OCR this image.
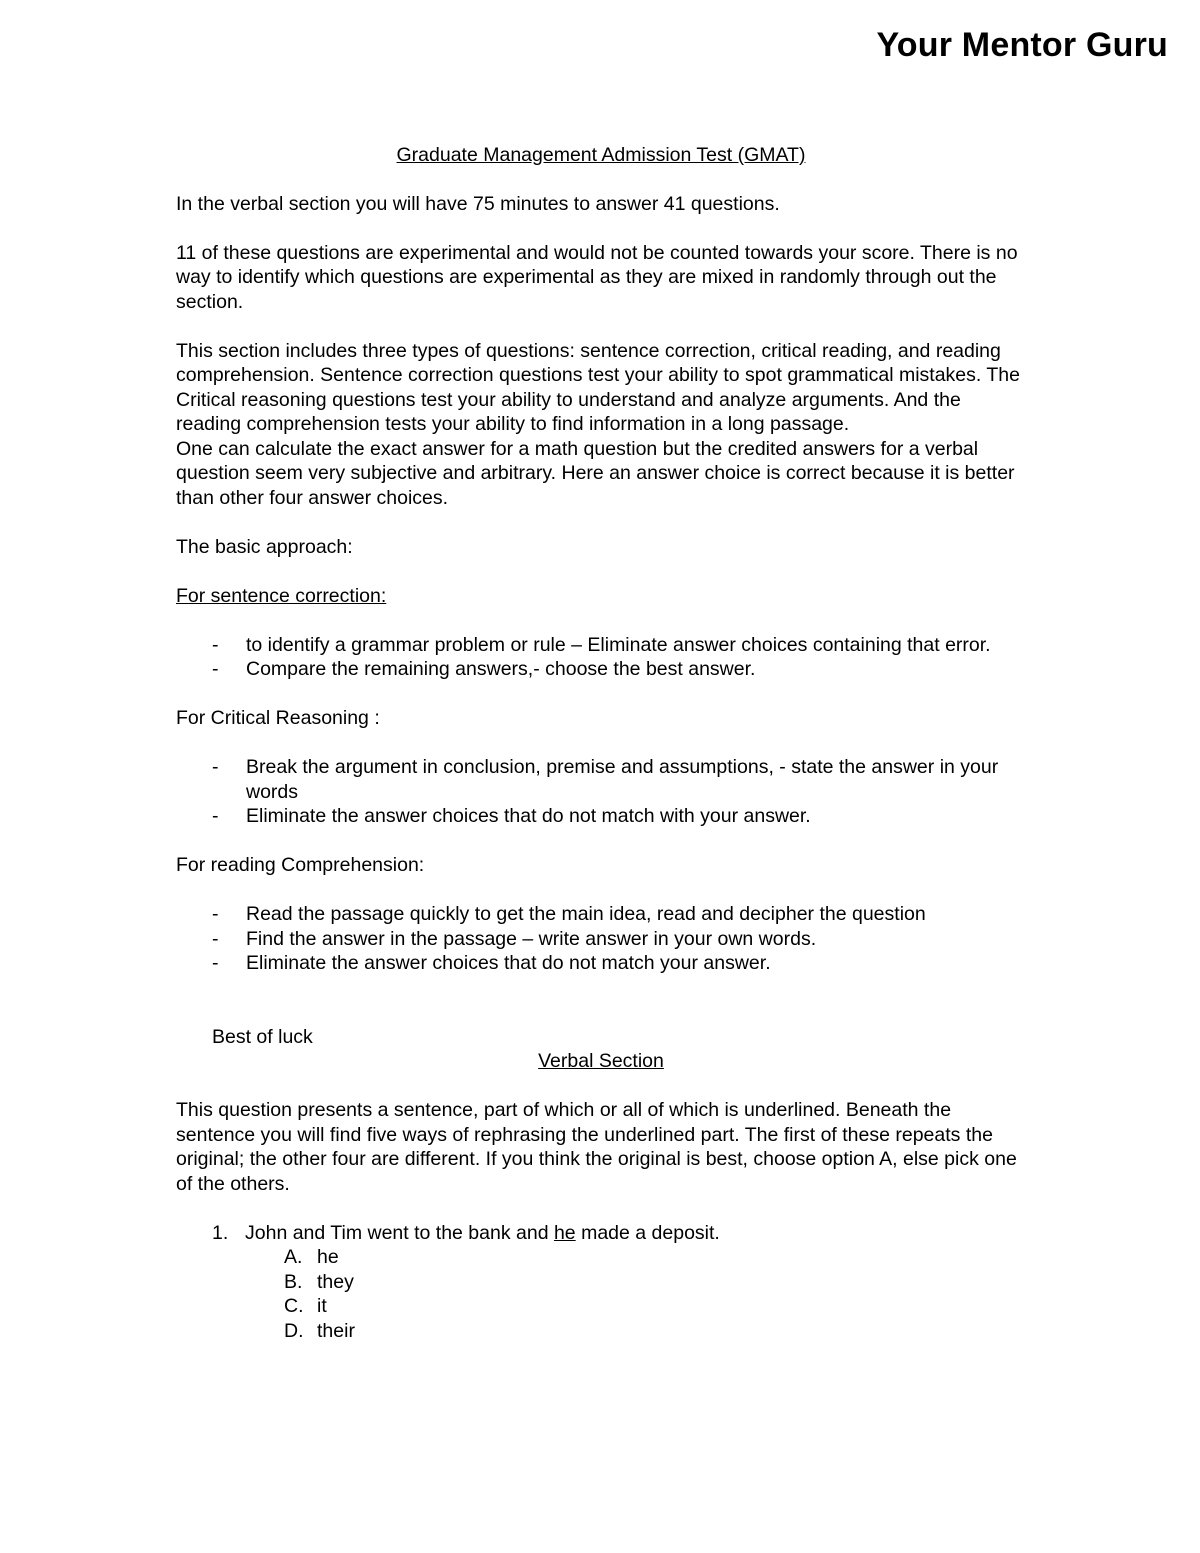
Your Mentor Guru

Graduate Management Admission Test (GMAT)

In the verbal section you will have 75 minutes to answer 41 questions.

11 of these questions are experimental and would not be counted towards your score. There is no way to identify which questions are experimental as they are mixed in randomly through out the section.

This section includes three types of questions: sentence correction, critical reading, and reading comprehension. Sentence correction questions test your ability to spot grammatical mistakes. The Critical reasoning questions test your ability to understand and analyze arguments. And the reading comprehension tests your ability to find information in a long passage.

One can calculate the exact answer for a math question but the credited answers for a verbal question seem very subjective and arbitrary. Here an answer choice is correct because it is better than other four answer choices.

The basic approach:

For sentence correction:

- to identify a grammar problem or rule – Eliminate answer choices containing that error.
- Compare the remaining answers,- choose the best answer.

For Critical Reasoning :

- Break the argument in conclusion, premise and assumptions, - state the answer in your words
- Eliminate the answer choices that do not match with your answer.

For reading Comprehension:

- Read the passage quickly to get the main idea, read and decipher the question
- Find the answer in the passage – write answer in your own words.
- Eliminate the answer choices that do not match your answer.

Best of luck

Verbal Section

This question presents a sentence, part of which or all of which is underlined. Beneath the sentence you will find five ways of rephrasing the underlined part. The first of these repeats the original; the other four are different. If you think the original is best, choose option A, else pick one of the others.

1. John and Tim went to the bank and he made a deposit.
A. he
B. they
C. it
D. their
